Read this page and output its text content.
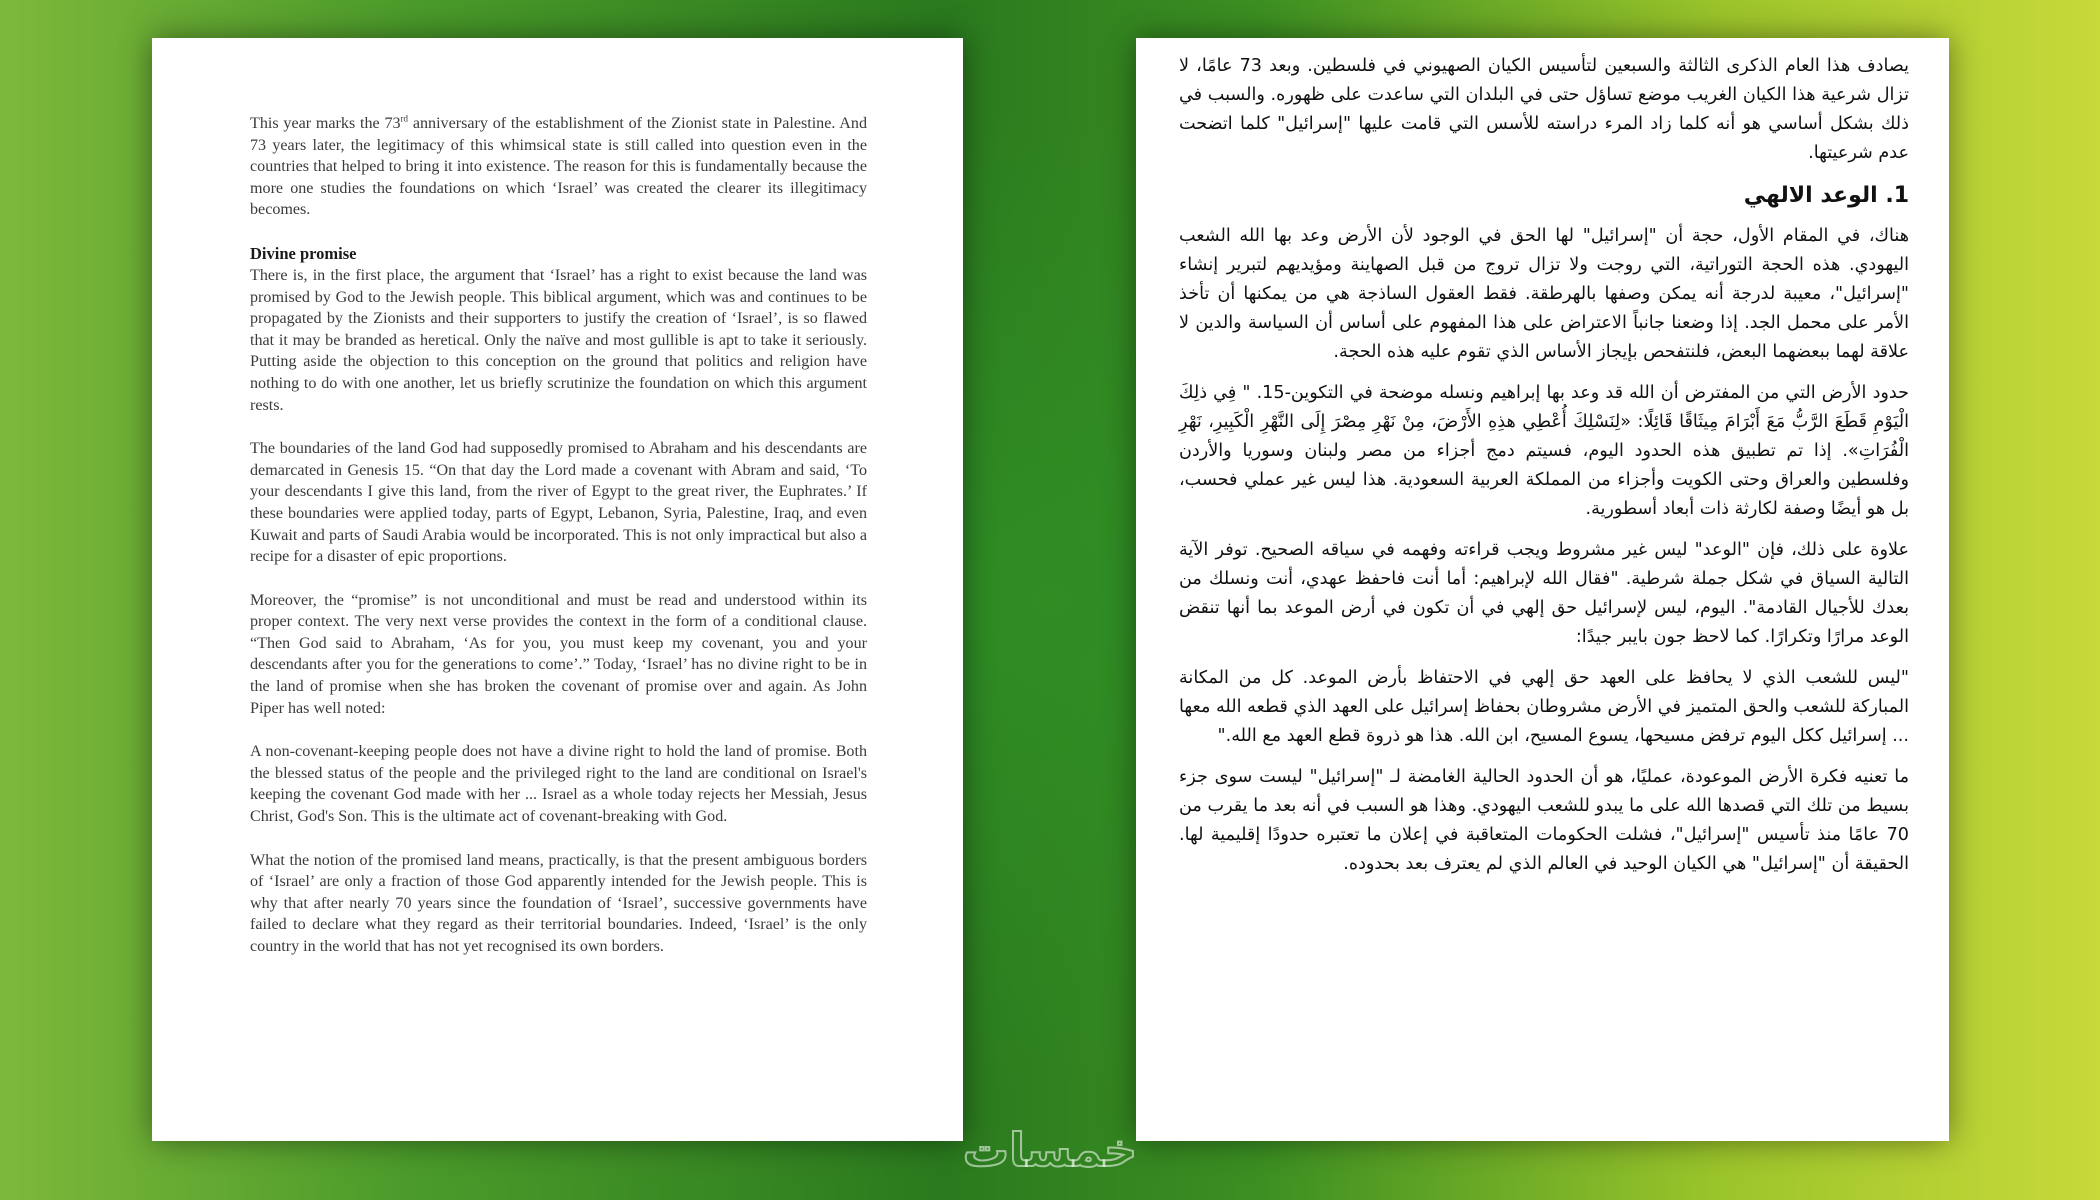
This year marks the 73rd anniversary of the establishment of the Zionist state in Palestine. And 73 years later, the legitimacy of this whimsical state is still called into question even in the countries that helped to bring it into existence. The reason for this is fundamentally because the more one studies the foundations on which ‘Israel’ was created the clearer its illegitimacy becomes.

Divine promise

There is, in the first place, the argument that ‘Israel’ has a right to exist because the land was promised by God to the Jewish people. This biblical argument, which was and continues to be propagated by the Zionists and their supporters to justify the creation of ‘Israel’, is so flawed that it may be branded as heretical. Only the naïve and most gullible is apt to take it seriously. Putting aside the objection to this conception on the ground that politics and religion have nothing to do with one another, let us briefly scrutinize the foundation on which this argument rests.

The boundaries of the land God had supposedly promised to Abraham and his descendants are demarcated in Genesis 15. “On that day the Lord made a covenant with Abram and said, ‘To your descendants I give this land, from the river of Egypt to the great river, the Euphrates.’ If these boundaries were applied today, parts of Egypt, Lebanon, Syria, Palestine, Iraq, and even Kuwait and parts of Saudi Arabia would be incorporated. This is not only impractical but also a recipe for a disaster of epic proportions.

Moreover, the “promise” is not unconditional and must be read and understood within its proper context. The very next verse provides the context in the form of a conditional clause. “Then God said to Abraham, ‘As for you, you must keep my covenant, you and your descendants after you for the generations to come’.” Today, ‘Israel’ has no divine right to be in the land of promise when she has broken the covenant of promise over and again. As John Piper has well noted:

A non-covenant-keeping people does not have a divine right to hold the land of promise. Both the blessed status of the people and the privileged right to the land are conditional on Israel's keeping the covenant God made with her ... Israel as a whole today rejects her Messiah, Jesus Christ, God's Son. This is the ultimate act of covenant-breaking with God.

What the notion of the promised land means, practically, is that the present ambiguous borders of ‘Israel’ are only a fraction of those God apparently intended for the Jewish people. This is why that after nearly 70 years since the foundation of ‘Israel’, successive governments have failed to declare what they regard as their territorial boundaries. Indeed, ‘Israel’ is the only country in the world that has not yet recognised its own borders.

يصادف هذا العام الذكرى الثالثة والسبعين لتأسيس الكيان الصهيوني في فلسطين. وبعد 73 عامًا، لا تزال شرعية هذا الكيان الغريب موضع تساؤل حتى في البلدان التي ساعدت على ظهوره. والسبب في ذلك بشكل أساسي هو أنه كلما زاد المرء دراسته للأسس التي قامت عليها "إسرائيل" كلما اتضحت عدم شرعيتها.

1. الوعد الالهي

هناك، في المقام الأول، حجة أن "إسرائيل" لها الحق في الوجود لأن الأرض وعد بها الله الشعب اليهودي. هذه الحجة التوراتية، التي روجت ولا تزال تروج من قبل الصهاينة ومؤيديهم لتبرير إنشاء "إسرائيل"، معيبة لدرجة أنه يمكن وصفها بالهرطقة. فقط العقول الساذجة هي من يمكنها أن تأخذ الأمر على محمل الجد. إذا وضعنا جانباً الاعتراض على هذا المفهوم على أساس أن السياسة والدين لا علاقة لهما ببعضهما البعض، فلنتفحص بإيجاز الأساس الذي تقوم عليه هذه الحجة.

حدود الأرض التي من المفترض أن الله قد وعد بها إبراهيم ونسله موضحة في التكوين-15. " فِي ذلِكَ الْيَوْمِ قَطَعَ الرَّبُّ مَعَ أَبْرَامَ مِيثَاقًا قَائِلًا: «لِنَسْلِكَ أُعْطِي هذِهِ الأَرْضَ، مِنْ نَهْرِ مِصْرَ إِلَى النَّهْرِ الْكَبِيرِ، نَهْرِ الْفُرَاتِ». إذا تم تطبيق هذه الحدود اليوم، فسيتم دمج أجزاء من مصر ولبنان وسوريا والأردن وفلسطين والعراق وحتى الكويت وأجزاء من المملكة العربية السعودية. هذا ليس غير عملي فحسب، بل هو أيضًا وصفة لكارثة ذات أبعاد أسطورية.

علاوة على ذلك، فإن "الوعد" ليس غير مشروط ويجب قراءته وفهمه في سياقه الصحيح. توفر الآية التالية السياق في شكل جملة شرطية. "فقال الله لإبراهيم: أما أنت فاحفظ عهدي، أنت ونسلك من بعدك للأجيال القادمة". اليوم، ليس لإسرائيل حق إلهي في أن تكون في أرض الموعد بما أنها تنقض الوعد مرارًا وتكرارًا. كما لاحظ جون بايبر جيدًا:

"ليس للشعب الذي لا يحافظ على العهد حق إلهي في الاحتفاظ بأرض الموعد. كل من المكانة المباركة للشعب والحق المتميز في الأرض مشروطان بحفاظ إسرائيل على العهد الذي قطعه الله معها ... إسرائيل ككل اليوم ترفض مسيحها، يسوع المسيح، ابن الله. هذا هو ذروة قطع العهد مع الله."

ما تعنيه فكرة الأرض الموعودة، عمليًا، هو أن الحدود الحالية الغامضة لـ "إسرائيل" ليست سوى جزء بسيط من تلك التي قصدها الله على ما يبدو للشعب اليهودي. وهذا هو السبب في أنه بعد ما يقرب من 70 عامًا منذ تأسيس "إسرائيل"، فشلت الحكومات المتعاقبة في إعلان ما تعتبره حدودًا إقليمية لها. الحقيقة أن "إسرائيل" هي الكيان الوحيد في العالم الذي لم يعترف بعد بحدوده.

خمسات
